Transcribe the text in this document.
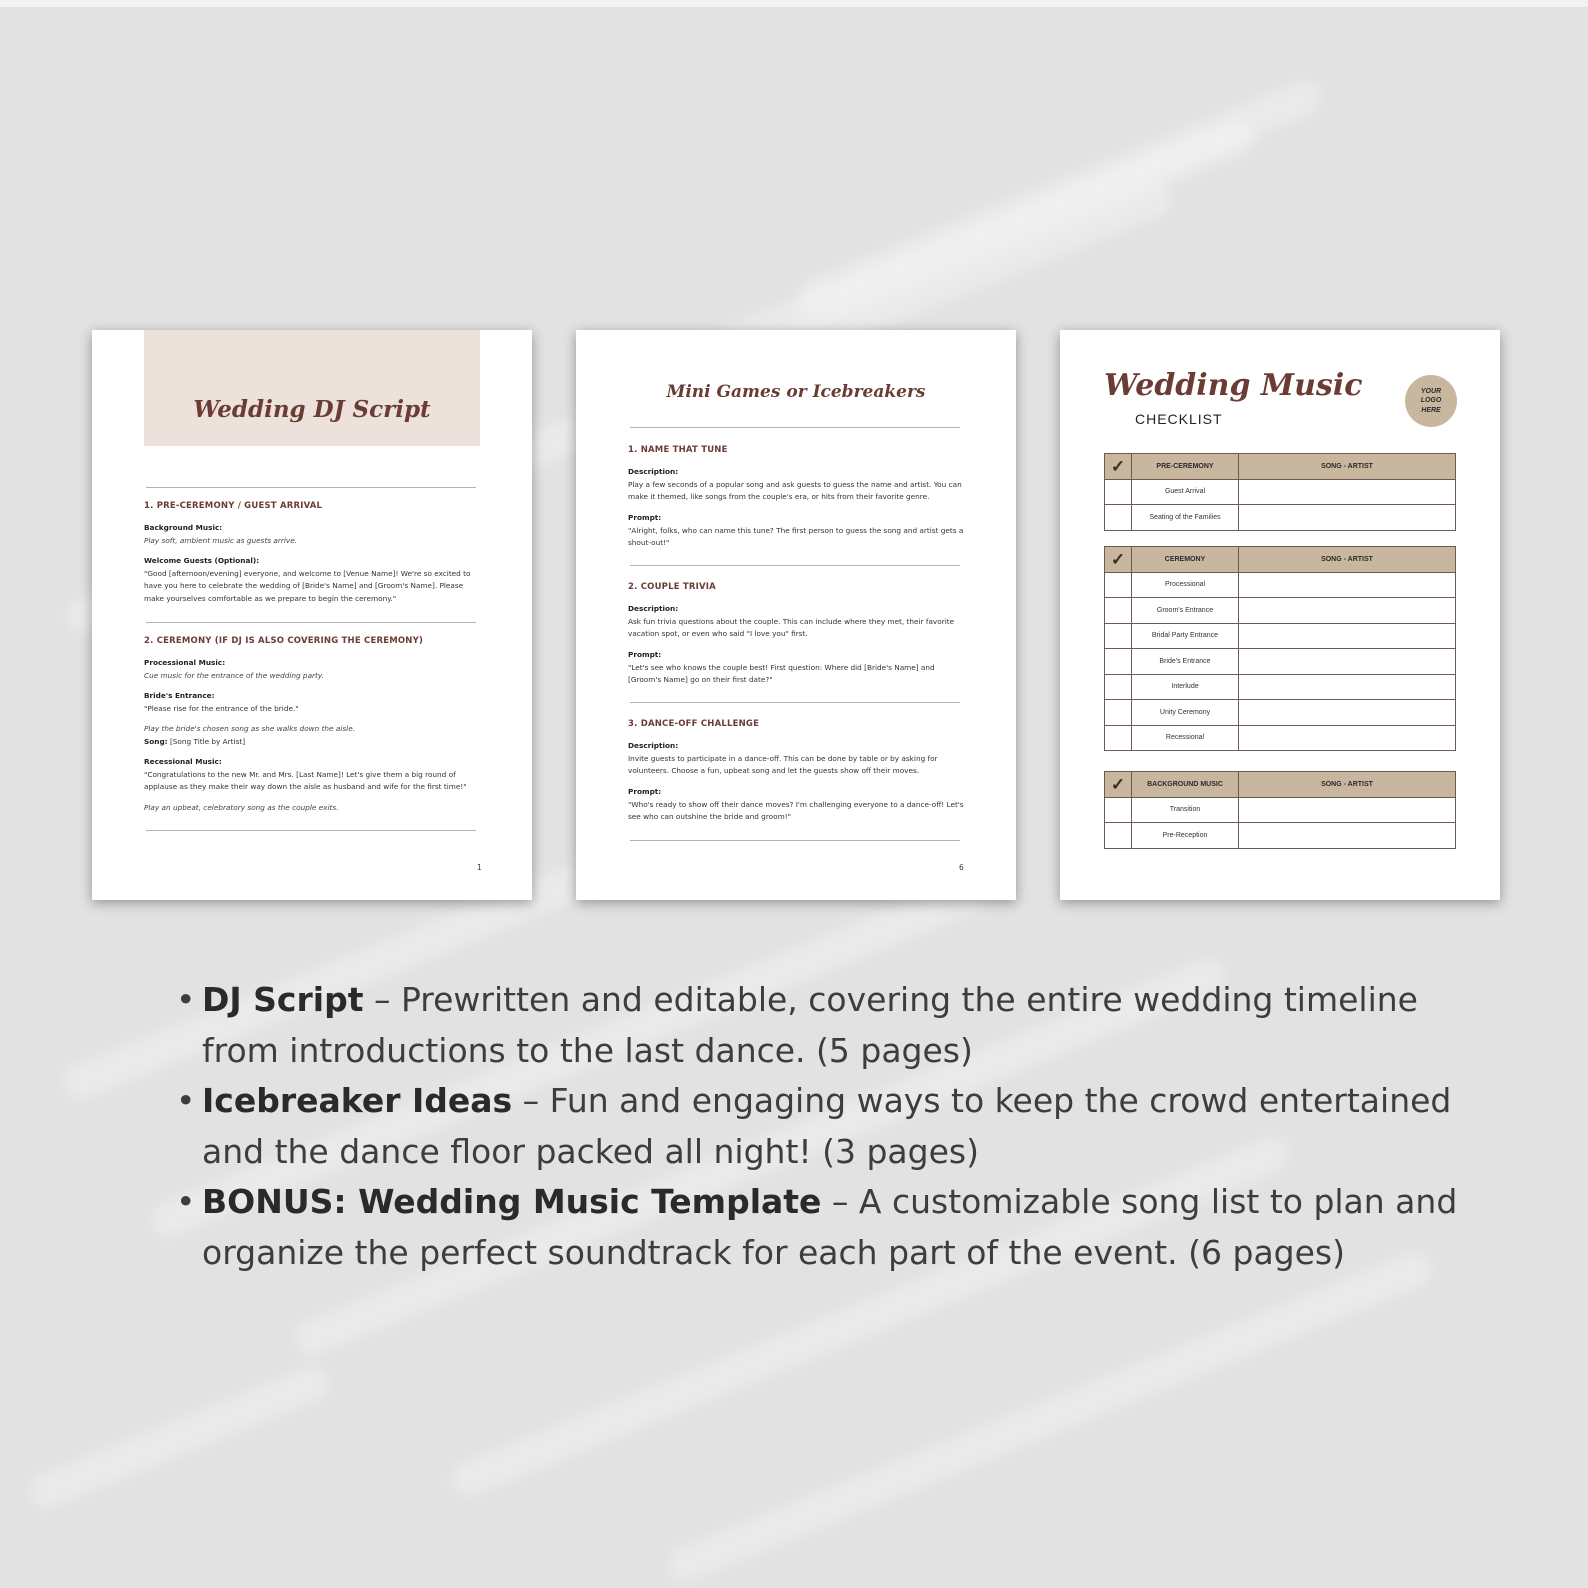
Wedding DJ Script
1. PRE-CEREMONY / GUEST ARRIVAL
Background Music:
Play soft, ambient music as guests arrive.
Welcome Guests (Optional):
"Good [afternoon/evening] everyone, and welcome to [Venue Name]! We're so excited to have you here to celebrate the wedding of [Bride's Name] and [Groom's Name]. Please make yourselves comfortable as we prepare to begin the ceremony."
2. CEREMONY (IF DJ IS ALSO COVERING THE CEREMONY)
Processional Music:
Cue music for the entrance of the wedding party.
Bride's Entrance:
"Please rise for the entrance of the bride."
Play the bride's chosen song as she walks down the aisle.
Song: [Song Title by Artist]
Recessional Music:
"Congratulations to the new Mr. and Mrs. [Last Name]! Let's give them a big round of applause as they make their way down the aisle as husband and wife for the first time!"
Play an upbeat, celebratory song as the couple exits.
1
Mini Games or Icebreakers
1. NAME THAT TUNE
Description:
Play a few seconds of a popular song and ask guests to guess the name and artist. You can make it themed, like songs from the couple's era, or hits from their favorite genre.
Prompt:
"Alright, folks, who can name this tune? The first person to guess the song and artist gets a shout-out!"
2. COUPLE TRIVIA
Description:
Ask fun trivia questions about the couple. This can include where they met, their favorite vacation spot, or even who said "I love you" first.
Prompt:
"Let's see who knows the couple best! First question: Where did [Bride's Name] and [Groom's Name] go on their first date?"
3. DANCE-OFF CHALLENGE
Description:
Invite guests to participate in a dance-off. This can be done by table or by asking for volunteers. Choose a fun, upbeat song and let the guests show off their moves.
Prompt:
"Who's ready to show off their dance moves? I'm challenging everyone to a dance-off! Let's see who can outshine the bride and groom!"
6
Wedding Music
CHECKLIST
YOUR
LOGO
HERE
✓	PRE-CEREMONY	SONG - ARTIST
	Guest Arrival	
	Seating of the Families	
✓	CEREMONY	SONG - ARTIST
	Processional	
	Groom's Entrance	
	Bridal Party Entrance	
	Bride's Entrance	
	Interlude	
	Unity Ceremony	
	Recessional	
✓	BACKGROUND MUSIC	SONG - ARTIST
	Transition	
	Pre-Reception	
• DJ Script – Prewritten and editable, covering the entire wedding timeline from introductions to the last dance. (5 pages)
• Icebreaker Ideas – Fun and engaging ways to keep the crowd entertained and the dance floor packed all night! (3 pages)
• BONUS: Wedding Music Template – A customizable song list to plan and organize the perfect soundtrack for each part of the event. (6 pages)
